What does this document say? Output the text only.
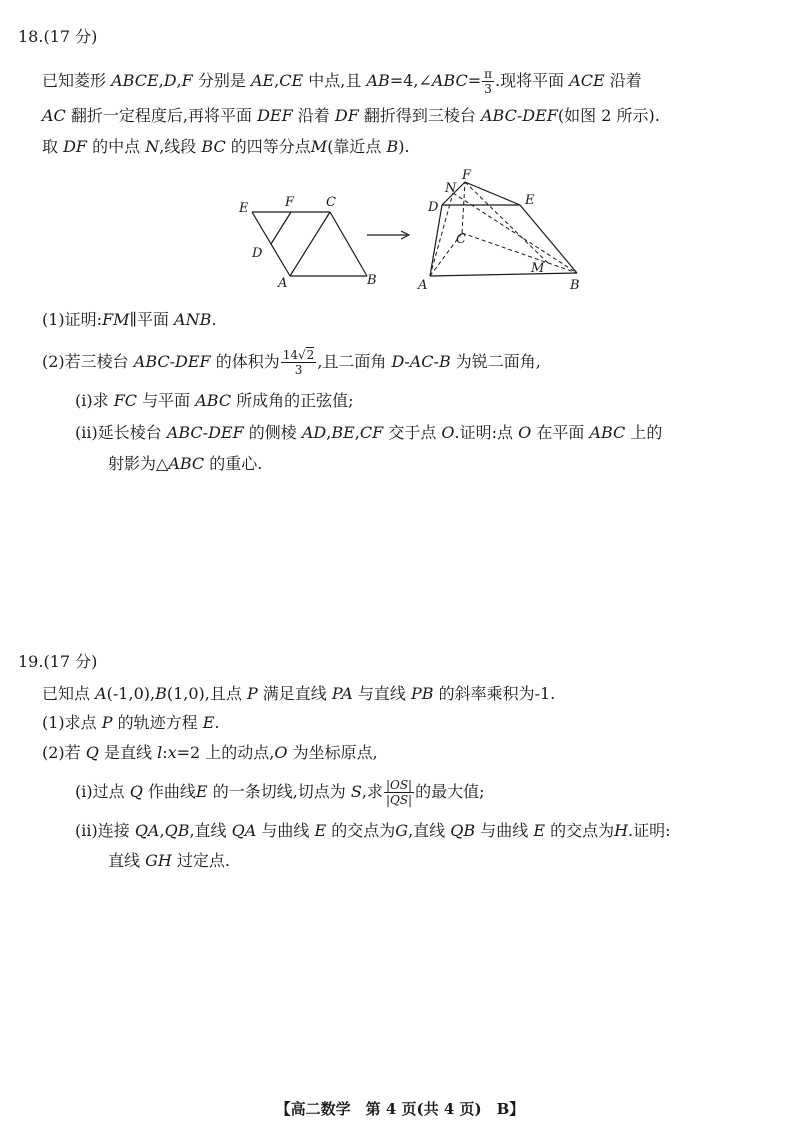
18.(17 分)
已知菱形 ABCE,D,F 分别是 AE,CE 中点,且 AB=4,∠ABC= $\frac{\pi}{3}$ .现将平面 ACE 沿着
AC 翻折一定程度后,再将平面 DEF 沿着 DF 翻折得到三棱台 ABC-DEF(如图 2 所示).
取 DF 的中点 N,线段 BC 的四等分点M(靠近点 B).
E	F C
D
A	B
N
F
D	E
C
M
A	B
(1)证明:FM∥平面 ANB.
(2)若三棱台 ABC-DEF 的体积为 $\frac{14√2}{3}$ ,且二面角 D-AC-B 为锐二面角,
(ⅰ)求 FC 与平面 ABC 所成角的正弦值;
(ⅱ)延长棱台 ABC-DEF 的侧棱 AD,BE,CF 交于点 O.证明:点 O 在平面 ABC 上的
射影为△ABC 的重心.
19.(17 分)
已知点 A(-1,0),B(1,0),且点 P 满足直线 PA 与直线 PB 的斜率乘积为-1.
(1)求点 P 的轨迹方程 E.
(2)若 Q 是直线 l:x=2 上的动点,O 为坐标原点,
(ⅰ)过点 Q 作曲线E 的一条切线,切点为 S,求 $\frac{|OS|}{|QS|}$ 的最大值;
(ⅱ)连接 QA,QB,直线 QA 与曲线 E 的交点为G,直线 QB 与曲线 E 的交点为H.证明:
直线 GH 过定点.
【高二数学　第 4 页(共 4 页)　B】
